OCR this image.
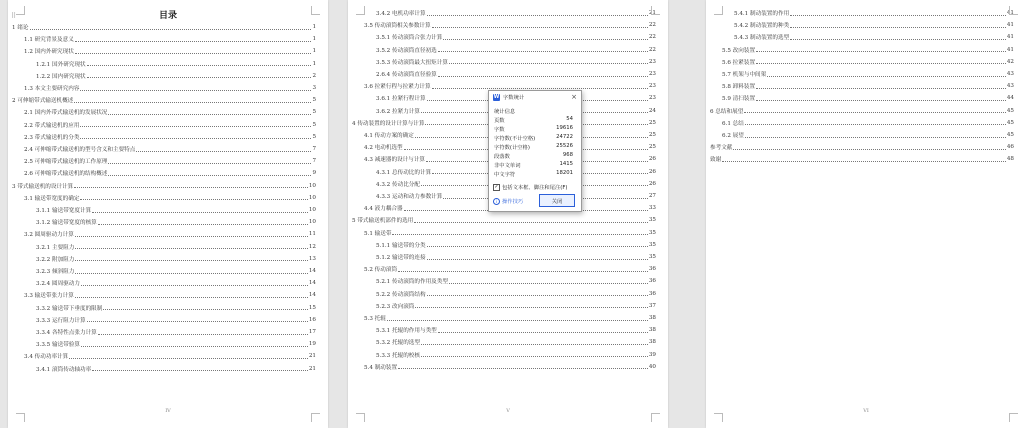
⠿	目录
1 绪论	1
1.1 研究背景及意义	1
1.2 国内外研究现状	1
1.2.1 国外研究现状	1
1.2.2 国内研究现状	2
1.3 本文主要研究内容	3
2 可伸缩带式输送机概述	5
2.1 国内外带式输送机的发展状况	5
2.2 带式输送机的应用	5
2.3 带式输送机的分类	5
2.4 可伸缩带式输送机的型号含义和主要特点	7
2.5 可伸缩带式输送机的工作原理	7
2.6 可伸缩带式输送机的结构概述	9
3 带式输送机的设计计算	10
3.1 输送带宽度的确定	10
3.1.1 输送带宽度计算	10
3.1.2 输送带宽度的核算	10
3.2 圆周驱动力计算	11
3.2.1 主要阻力	12
3.2.2 附加阻力	13
3.2.3 倾斜阻力	14
3.2.4 圆周驱动力	14
3.3 输送带张力计算	14
3.3.2 输送带下垂度的限制	15
3.3.3 运行阻力计算	16
3.3.4 各特性点张力计算	17
3.3.5 输送带验算	19
3.4 传动功率计算	21
3.4.1 滚筒传动轴功率	21
IV
3.4.2 电机功率计算	21
3.5 传动滚筒相关参数计算	22
3.5.1 传动滚筒合张力计算	22
3.5.2 传动滚筒直径初选	22
3.5.3 传动滚筒最大扭矩计算	23
2.6.4 传动滚筒直径验算	23
3.6 拉紧行程与拉紧力计算	23
3.6.1 拉紧行程计算	23
3.6.2 拉紧力计算	24
4 传动装置的设计计算与计算	25
4.1 传动方案的确定	25
4.2 电动机选型	25
4.3 减速器的设计与计算	26
4.3.1 总传动比的计算	26
4.3.2 传动比分配	26
4.3.3 运动和动力参数计算	27
4.4 液力耦合器	33
5 带式输送机部件的选用	35
5.1 输送带	35
5.1.1 输送带的分类	35
5.1.2 输送带的连接	35
5.2 传动滚筒	36
5.2.1 传动滚筒的作用及类型	36
5.2.2 传动滚筒结构	36
5.2.3 改向滚筒	37
5.3 托辊	38
5.3.1 托辊的作用与类型	38
5.3.2 托辊的选型	38
5.3.3 托辊的校核	39
5.4 制动装置	40
V
5.4.1 制动装置的作用	41
5.4.2 制动装置的种类	41
5.4.3 制动装置的选型	41
5.5 改向装置	41
5.6 拉紧装置	42
5.7 机架与中间架	43
5.8 卸料装置	43
5.9 清扫装置	44
6 总结和展望	45
6.1 总结	45
6.2 展望	45
参考文献	46
致谢	48
VI
W 字数统计	×
统计信息
页数	54
字数	19616
字符数(不计空格)	24722
字符数(计空格)	25526
段落数	968
非中文单词	1415
中文字符	18201
✓ 包括文本框、脚注和尾注(F)
i 操作技巧	关闭
